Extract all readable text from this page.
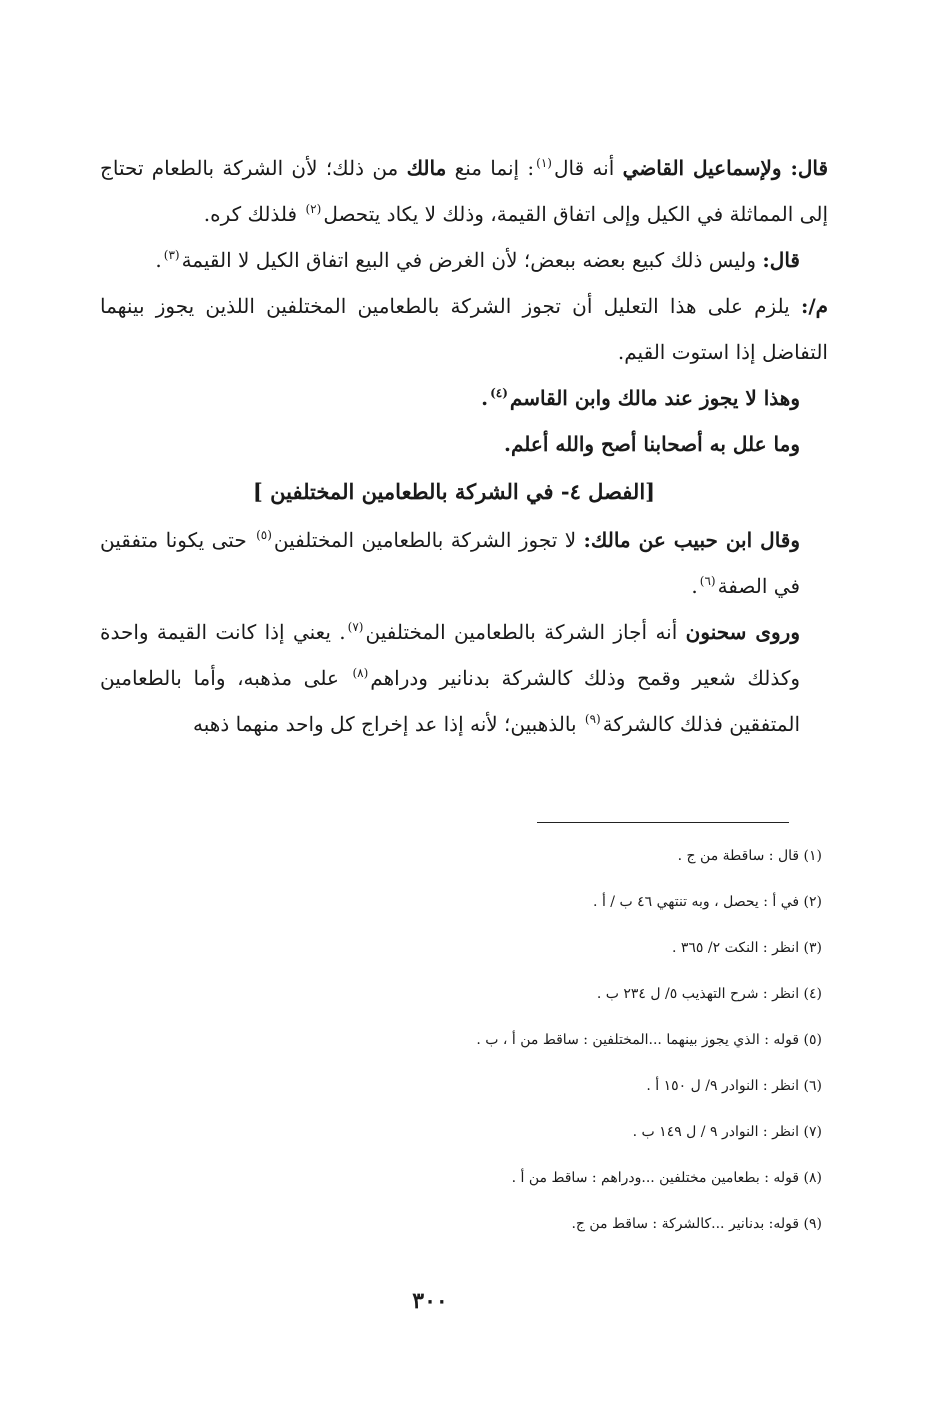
قال: ولإسماعيل القاضي أنه قال$^{(١)}$: إنما منع مالك من ذلك؛ لأن الشركة بالطعام تحتاج إلى المماثلة في الكيل وإلى اتفاق القيمة، وذلك لا يكاد يتحصل$^{(٢)}$ فلذلك كره.

قال: وليس ذلك كبيع بعضه ببعض؛ لأن الغرض في البيع اتفاق الكيل لا القيمة$^{(٣)}$.

م/: يلزم على هذا التعليل أن تجوز الشركة بالطعامين المختلفين اللذين يجوز بينهما التفاضل إذا استوت القيم.

وهذا لا يجوز عند مالك وابن القاسم$^{(٤)}$.

وما علل به أصحابنا أصح والله أعلم.

[الفصل ٤- في الشركة بالطعامين المختلفين ]

وقال ابن حبيب عن مالك: لا تجوز الشركة بالطعامين المختلفين$^{(٥)}$ حتى يكونا متفقين في الصفة$^{(٦)}$.

وروى سحنون أنه أجاز الشركة بالطعامين المختلفين$^{(٧)}$. يعني إذا كانت القيمة واحدة وكذلك شعير وقمح وذلك كالشركة بدنانير ودراهم$^{(٨)}$ على مذهبه، وأما بالطعامين المتفقين فذلك كالشركة$^{(٩)}$ بالذهبين؛ لأنه إذا عد إخراج كل واحد منهما ذهبه

(١) قال : ساقطة من ج .
(٢) في أ : يحصل ، وبه تنتهي ٤٦ ب / أ .
(٣) انظر : النكت ٢/ ٣٦٥ .
(٤) انظر : شرح التهذيب ٥/ ل ٢٣٤ ب .
(٥) قوله : الذي يجوز بينهما ...المختلفين : ساقط من أ ، ب .
(٦) انظر : النوادر ٩/ ل ١٥٠ أ .
(٧) انظر : النوادر ٩ / ل ١٤٩ ب .
(٨) قوله : بطعامين مختلفين ...ودراهم : ساقط من أ .
(٩) قوله: بدنانير ...كالشركة : ساقط من ج.
٣٠٠
